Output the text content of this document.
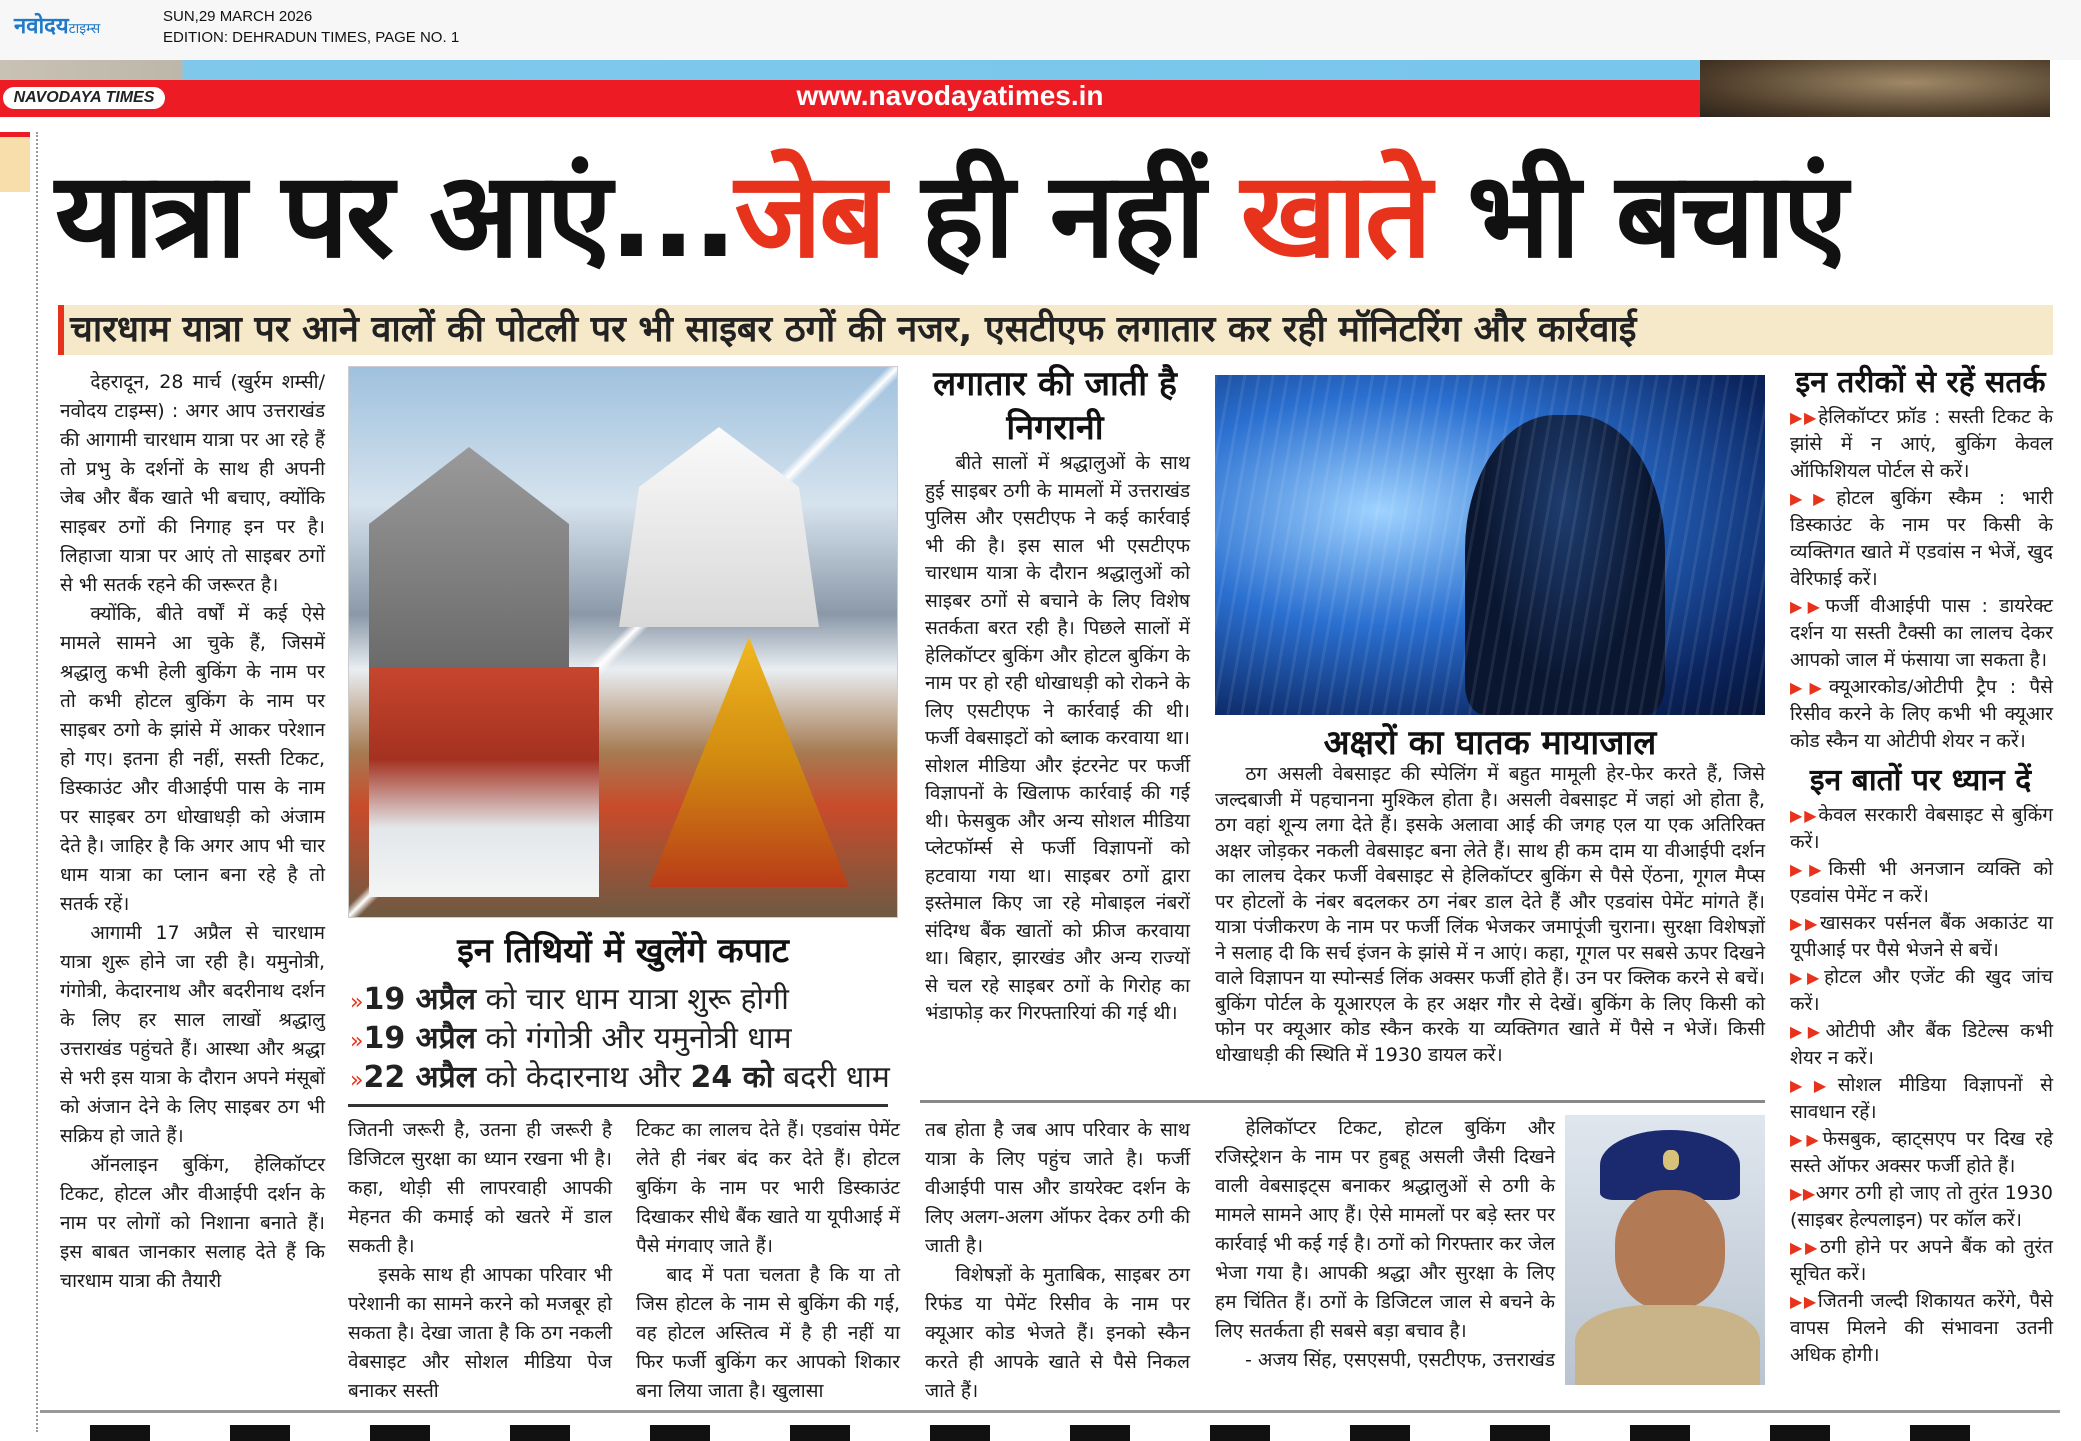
नवोदयटाइम्स
SUN,29 MARCH 2026
EDITION: DEHRADUN TIMES, PAGE NO. 1
NAVODAYA TIMES	www.navodayatimes.in
यात्रा पर आएं...जेब ही नहीं खाते भी बचाएं
चारधाम यात्रा पर आने वालों की पोटली पर भी साइबर ठगों की नजर, एसटीएफ लगातार कर रही मॉनिटरिंग और कार्रवाई

देहरादून, 28 मार्च (खुर्रम शम्सी/नवोदय टाइम्स) : अगर आप उत्तराखंड की आगामी चारधाम यात्रा पर आ रहे हैं तो प्रभु के दर्शनों के साथ ही अपनी जेब और बैंक खाते भी बचाए, क्योंकि साइबर ठगों की निगाह इन पर है। लिहाजा यात्रा पर आएं तो साइबर ठगों से भी सतर्क रहने की जरूरत है।

क्योंकि, बीते वर्षों में कई ऐसे मामले सामने आ चुके हैं, जिसमें श्रद्धालु कभी हेली बुकिंग के नाम पर तो कभी होटल बुकिंग के नाम पर साइबर ठगो के झांसे में आकर परेशान हो गए। इतना ही नहीं, सस्ती टिकट, डिस्काउंट और वीआईपी पास के नाम पर साइबर ठग धोखाधड़ी को अंजाम देते है। जाहिर है कि अगर आप भी चार धाम यात्रा का प्लान बना रहे है तो सतर्क रहें।

आगामी 17 अप्रैल से चारधाम यात्रा शुरू होने जा रही है। यमुनोत्री, गंगोत्री, केदारनाथ और बदरीनाथ दर्शन के लिए हर साल लाखों श्रद्धालु उत्तराखंड पहुंचते हैं। आस्था और श्रद्धा से भरी इस यात्रा के दौरान अपने मंसूबों को अंजान देने के लिए साइबर ठग भी सक्रिय हो जाते हैं।

ऑनलाइन बुकिंग, हेलिकॉप्टर टिकट, होटल और वीआईपी दर्शन के नाम पर लोगों को निशाना बनाते हैं। इस बाबत जानकार सलाह देते हैं कि चारधाम यात्रा की तैयारी

इन तिथियों में खुलेंगे कपाट
»19 अप्रैल को चार धाम यात्रा शुरू होगी
»19 अप्रैल को गंगोत्री और यमुनोत्री धाम
»22 अप्रैल को केदारनाथ और 24 को बदरी धाम

जितनी जरूरी है, उतना ही जरूरी है डिजिटल सुरक्षा का ध्यान रखना भी है। कहा, थोड़ी सी लापरवाही आपकी मेहनत की कमाई को खतरे में डाल सकती है।

इसके साथ ही आपका परिवार भी परेशानी का सामने करने को मजबूर हो सकता है। देखा जाता है कि ठग नकली वेबसाइट और सोशल मीडिया पेज बनाकर सस्ती

टिकट का लालच देते हैं। एडवांस पेमेंट लेते ही नंबर बंद कर देते हैं। होटल बुकिंग के नाम पर भारी डिस्काउंट दिखाकर सीधे बैंक खाते या यूपीआई में पैसे मंगवाए जाते हैं।

बाद में पता चलता है कि या तो जिस होटल के नाम से बुकिंग की गई, वह होटल अस्तित्व में है ही नहीं या फिर फर्जी बुकिंग कर आपको शिकार बना लिया जाता है। खुलासा

लगातार की जाती है निगरानी

बीते सालों में श्रद्धालुओं के साथ हुई साइबर ठगी के मामलों में उत्तराखंड पुलिस और एसटीएफ ने कई कार्रवाई भी की है। इस साल भी एसटीएफ चारधाम यात्रा के दौरान श्रद्धालुओं को साइबर ठगों से बचाने के लिए विशेष सतर्कता बरत रही है। पिछले सालों में हेलिकॉप्टर बुकिंग और होटल बुकिंग के नाम पर हो रही धोखाधड़ी को रोकने के लिए एसटीएफ ने कार्रवाई की थी। फर्जी वेबसाइटों को ब्लाक करवाया था। सोशल मीडिया और इंटरनेट पर फर्जी विज्ञापनों के खिलाफ कार्रवाई की गई थी। फेसबुक और अन्य सोशल मीडिया प्लेटफॉर्म्स से फर्जी विज्ञापनों को हटवाया गया था। साइबर ठगों द्वारा इस्तेमाल किए जा रहे मोबाइल नंबरों संदिग्ध बैंक खातों को फ्रीज करवाया था। बिहार, झारखंड और अन्य राज्यों से चल रहे साइबर ठगों के गिरोह का भंडाफोड़ कर गिरफ्तारियां की गई थी।

तब होता है जब आप परिवार के साथ यात्रा के लिए पहुंच जाते है। फर्जी वीआईपी पास और डायरेक्ट दर्शन के लिए अलग-अलग ऑफर देकर ठगी की जाती है।

विशेषज्ञों के मुताबिक, साइबर ठग रिफंड या पेमेंट रिसीव के नाम पर क्यूआर कोड भेजते हैं। इनको स्कैन करते ही आपके खाते से पैसे निकल जाते हैं।

अक्षरों का घातक मायाजाल

ठग असली वेबसाइट की स्पेलिंग में बहुत मामूली हेर-फेर करते हैं, जिसे जल्दबाजी में पहचानना मुश्किल होता है। असली वेबसाइट में जहां ओ होता है, ठग वहां शून्य लगा देते हैं। इसके अलावा आई की जगह एल या एक अतिरिक्त अक्षर जोड़कर नकली वेबसाइट बना लेते हैं। साथ ही कम दाम या वीआईपी दर्शन का लालच देकर फर्जी वेबसाइट से हेलिकॉप्टर बुकिंग से पैसे ऐंठना, गूगल मैप्स पर होटलों के नंबर बदलकर ठग नंबर डाल देते हैं और एडवांस पेमेंट मांगते हैं। यात्रा पंजीकरण के नाम पर फर्जी लिंक भेजकर जमापूंजी चुराना। सुरक्षा विशेषज्ञों ने सलाह दी कि सर्च इंजन के झांसे में न आएं। कहा, गूगल पर सबसे ऊपर दिखने वाले विज्ञापन या स्पोन्सर्ड लिंक अक्सर फर्जी होते हैं। उन पर क्लिक करने से बचें। बुकिंग पोर्टल के यूआरएल के हर अक्षर गौर से देखें। बुकिंग के लिए किसी को फोन पर क्यूआर कोड स्कैन करके या व्यक्तिगत खाते में पैसे न भेजें। किसी धोखाधड़ी की स्थिति में 1930 डायल करें।

हेलिकॉप्टर टिकट, होटल बुकिंग और रजिस्ट्रेशन के नाम पर हुबहू असली जैसी दिखने वाली वेबसाइट्स बनाकर श्रद्धालुओं से ठगी के मामले सामने आए हैं। ऐसे मामलों पर बड़े स्तर पर कार्रवाई भी कई गई है। ठगों को गिरफ्तार कर जेल भेजा गया है। आपकी श्रद्धा और सुरक्षा के लिए हम चिंतित हैं। ठगों के डिजिटल जाल से बचने के लिए सतर्कता ही सबसे बड़ा बचाव है।

- अजय सिंह, एसएसपी, एसटीएफ, उत्तराखंड

इन तरीकों से रहें सतर्क
▶▶हेलिकॉप्टर फ्रॉड : सस्ती टिकट के झांसे में न आएं, बुकिंग केवल ऑफिशियल पोर्टल से करें।
▶▶होटल बुकिंग स्कैम : भारी डिस्काउंट के नाम पर किसी के व्यक्तिगत खाते में एडवांस न भेजें, खुद वेरिफाई करें।
▶▶फर्जी वीआईपी पास : डायरेक्ट दर्शन या सस्ती टैक्सी का लालच देकर आपको जाल में फंसाया जा सकता है।
▶▶क्यूआरकोड/ओटीपी ट्रैप : पैसे रिसीव करने के लिए कभी भी क्यूआर कोड स्कैन या ओटीपी शेयर न करें।
इन बातों पर ध्यान दें
▶▶केवल सरकारी वेबसाइट से बुकिंग करें।
▶▶किसी भी अनजान व्यक्ति को एडवांस पेमेंट न करें।
▶▶खासकर पर्सनल बैंक अकाउंट या यूपीआई पर पैसे भेजने से बचें।
▶▶होटल और एजेंट की खुद जांच करें।
▶▶ओटीपी और बैंक डिटेल्स कभी शेयर न करें।
▶▶सोशल मीडिया विज्ञापनों से सावधान रहें।
▶▶फेसबुक, व्हाट्सएप पर दिख रहे सस्ते ऑफर अक्सर फर्जी होते हैं।
▶▶अगर ठगी हो जाए तो तुरंत 1930 (साइबर हेल्पलाइन) पर कॉल करें।
▶▶ठगी होने पर अपने बैंक को तुरंत सूचित करें।
▶▶जितनी जल्दी शिकायत करेंगे, पैसे वापस मिलने की संभावना उतनी अधिक होगी।
